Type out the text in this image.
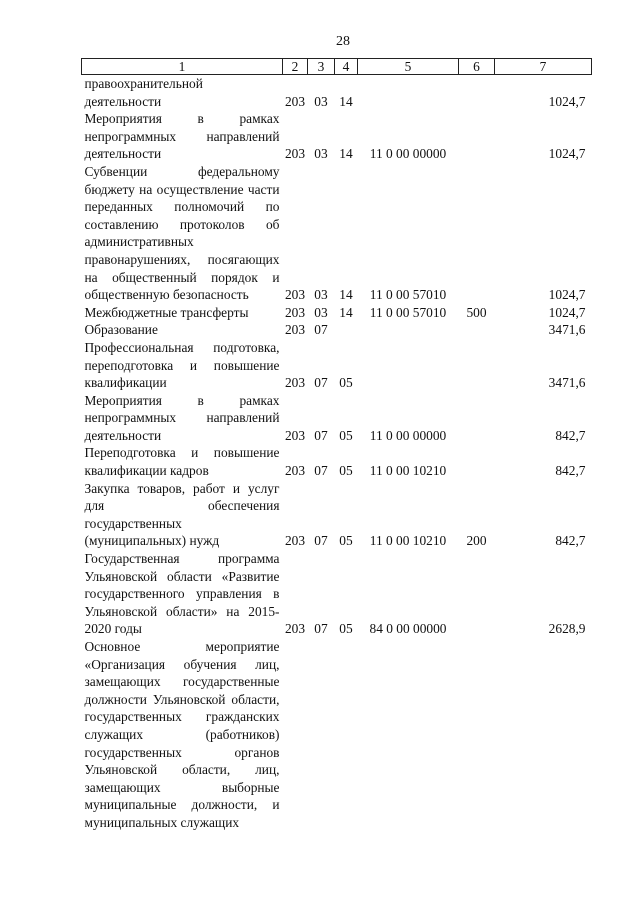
28
1	2	3	4	5	6	7
правоохранительной деятельности	203	03	14			1024,7
Мероприятия в рамках непрограммных направлений деятельности	203	03	14	11 0 00 00000		1024,7
Субвенции федеральному бюджету на осуществление части переданных полномочий по составлению протоколов об административных правонарушениях, посягающих на общественный порядок и общественную безопасность	203	03	14	11 0 00 57010		1024,7
Межбюджетные трансферты	203	03	14	11 0 00 57010	500	1024,7
Образование	203	07				3471,6
Профессиональная подготовка, переподготовка и повышение квалификации	203	07	05			3471,6
Мероприятия в рамках непрограммных направлений деятельности	203	07	05	11 0 00 00000		842,7
Переподготовка и повышение квалификации кадров	203	07	05	11 0 00 10210		842,7
Закупка товаров, работ и услуг для обеспечения государственных (муниципальных) нужд	203	07	05	11 0 00 10210	200	842,7
Государственная программа Ульяновской области «Развитие государственного управления в Ульяновской области» на 2015-2020 годы	203	07	05	84 0 00 00000		2628,9
Основное мероприятие «Организация обучения лиц, замещающих государственные должности Ульяновской области, государственных гражданских служащих (работников) государственных органов Ульяновской области, лиц, замещающих выборные муниципальные должности, и муниципальных служащих						
